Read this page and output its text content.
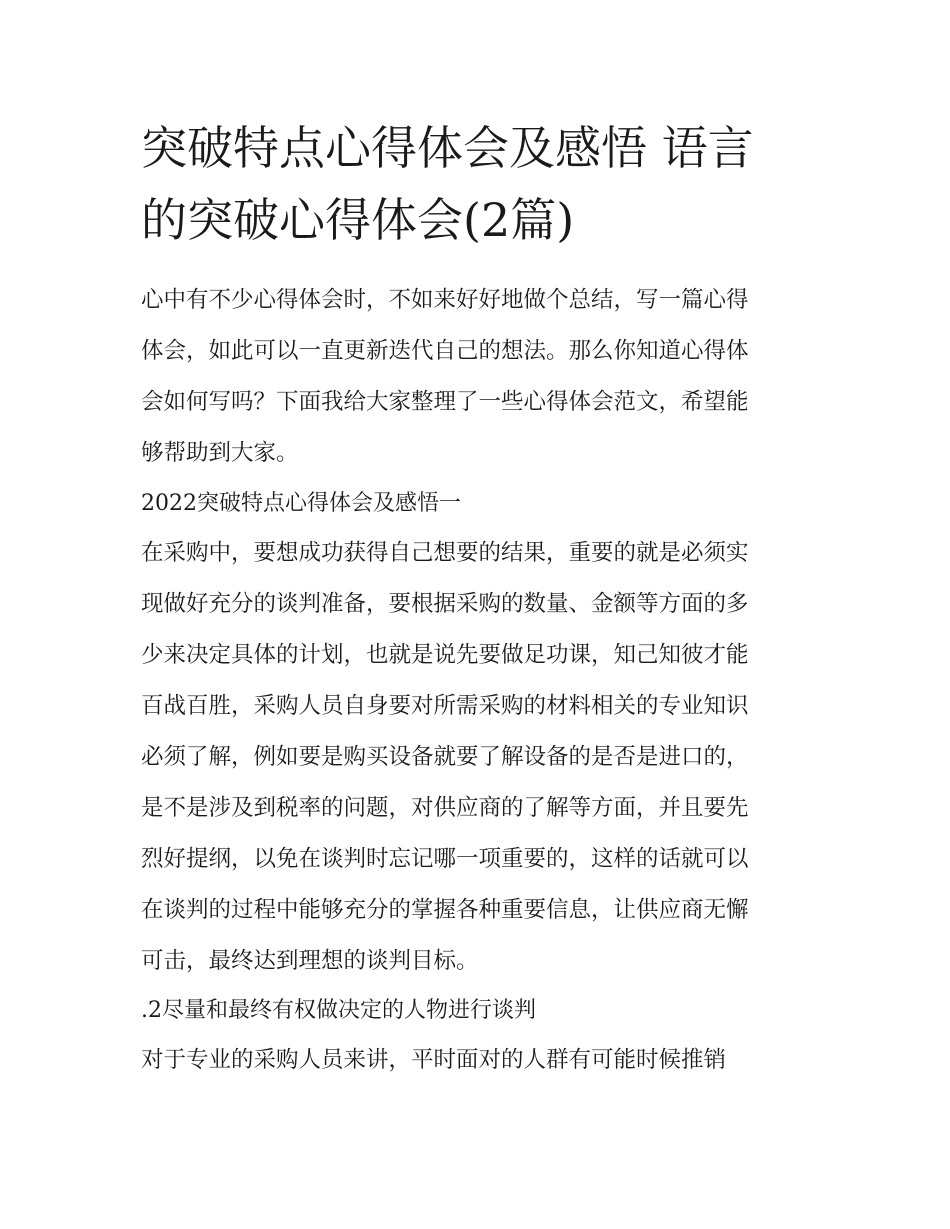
突破特点心得体会及感悟 语言
的突破心得体会(2篇)
心中有不少心得体会时，不如来好好地做个总结，写一篇心得
体会，如此可以一直更新迭代自己的想法。那么你知道心得体
会如何写吗？下面我给大家整理了一些心得体会范文，希望能
够帮助到大家。
2022突破特点心得体会及感悟一
在采购中，要想成功获得自己想要的结果，重要的就是必须实
现做好充分的谈判准备，要根据采购的数量、金额等方面的多
少来决定具体的计划，也就是说先要做足功课，知己知彼才能
百战百胜，采购人员自身要对所需采购的材料相关的专业知识
必须了解，例如要是购买设备就要了解设备的是否是进口的，
是不是涉及到税率的问题，对供应商的了解等方面，并且要先
烈好提纲，以免在谈判时忘记哪一项重要的，这样的话就可以
在谈判的过程中能够充分的掌握各种重要信息，让供应商无懈
可击，最终达到理想的谈判目标。
.2尽量和最终有权做决定的人物进行谈判
对于专业的采购人员来讲，平时面对的人群有可能时候推销
